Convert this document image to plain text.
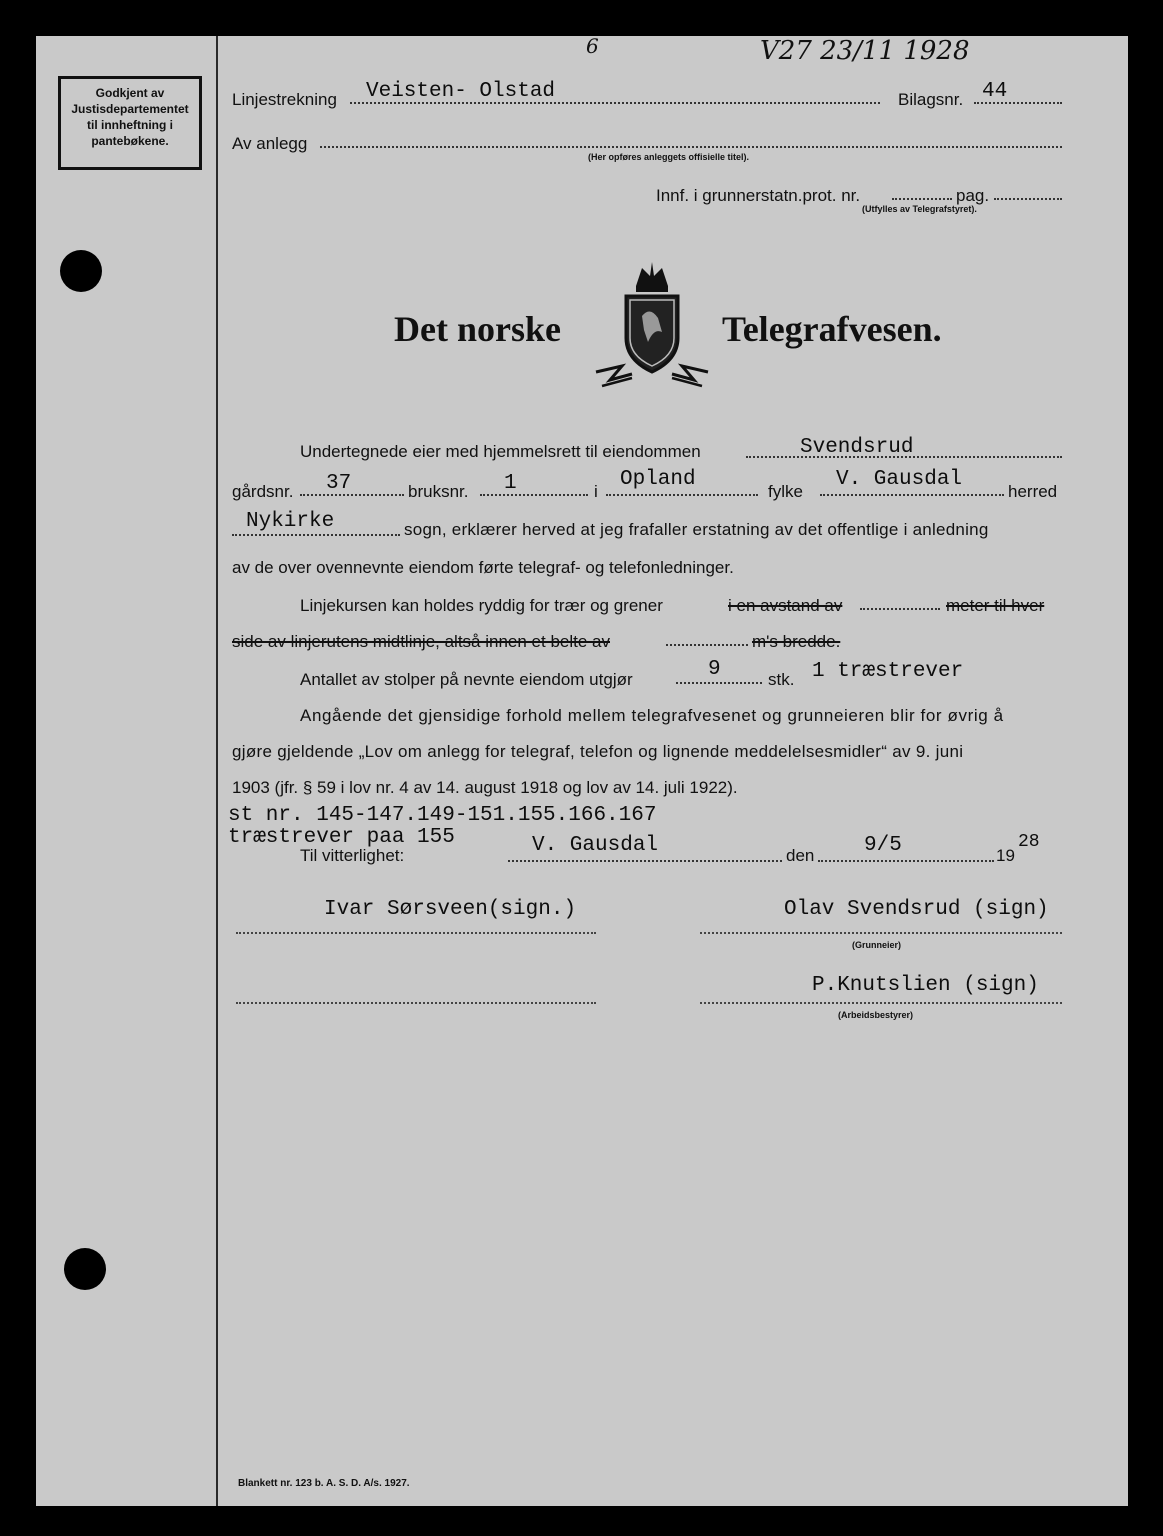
Godkjent av
Justisdepartementet
til innheftning i
pantebøkene.
6	V27 23/11 1928
Linjestrekning Veisten- Olstad	Bilagsnr. 44
Av anlegg
(Her opføres anleggets offisielle titel).
Innf. i grunnerstatn.prot. nr.	pag.
(Utfylles av Telegrafstyret).
Det norske	Telegrafvesen.
Undertegnede eier med hjemmelsrett til eiendommen	Svendsrud
gårdsnr. 37	bruksnr. 1	i
Opland
fylke
V. Gausdal
herred
Nykirke	sogn, erklærer herved at jeg frafaller erstatning av det offentlige i anledning
av de over ovennevnte eiendom førte telegraf- og telefonledninger.
Linjekursen kan holdes ryddig for trær og grener	i en avstand av	meter til hver
side av linjerutens midtlinje, altså innen et belte av	m's bredde.
Antallet av stolper på nevnte eiendom utgjør	9	stk. 1 træstrever
Angående det gjensidige forhold mellem telegrafvesenet og grunneieren blir for øvrig å
gjøre gjeldende „Lov om anlegg for telegraf, telefon og lignende meddelelsesmidler“ av 9. juni
1903 (jfr. § 59 i lov nr. 4 av 14. august 1918 og lov av 14. juli 1922).
st nr. 145-147.149-151.155.166.167
træstrever paa 155
Til vitterlighet:	V. Gausdal	den 9/5	19
28
Ivar Sørsveen(sign.)	Olav Svendsrud (sign)
(Grunneier)
P.Knutslien (sign)
(Arbeidsbestyrer)
Blankett nr. 123 b. A. S. D. A/s. 1927.
